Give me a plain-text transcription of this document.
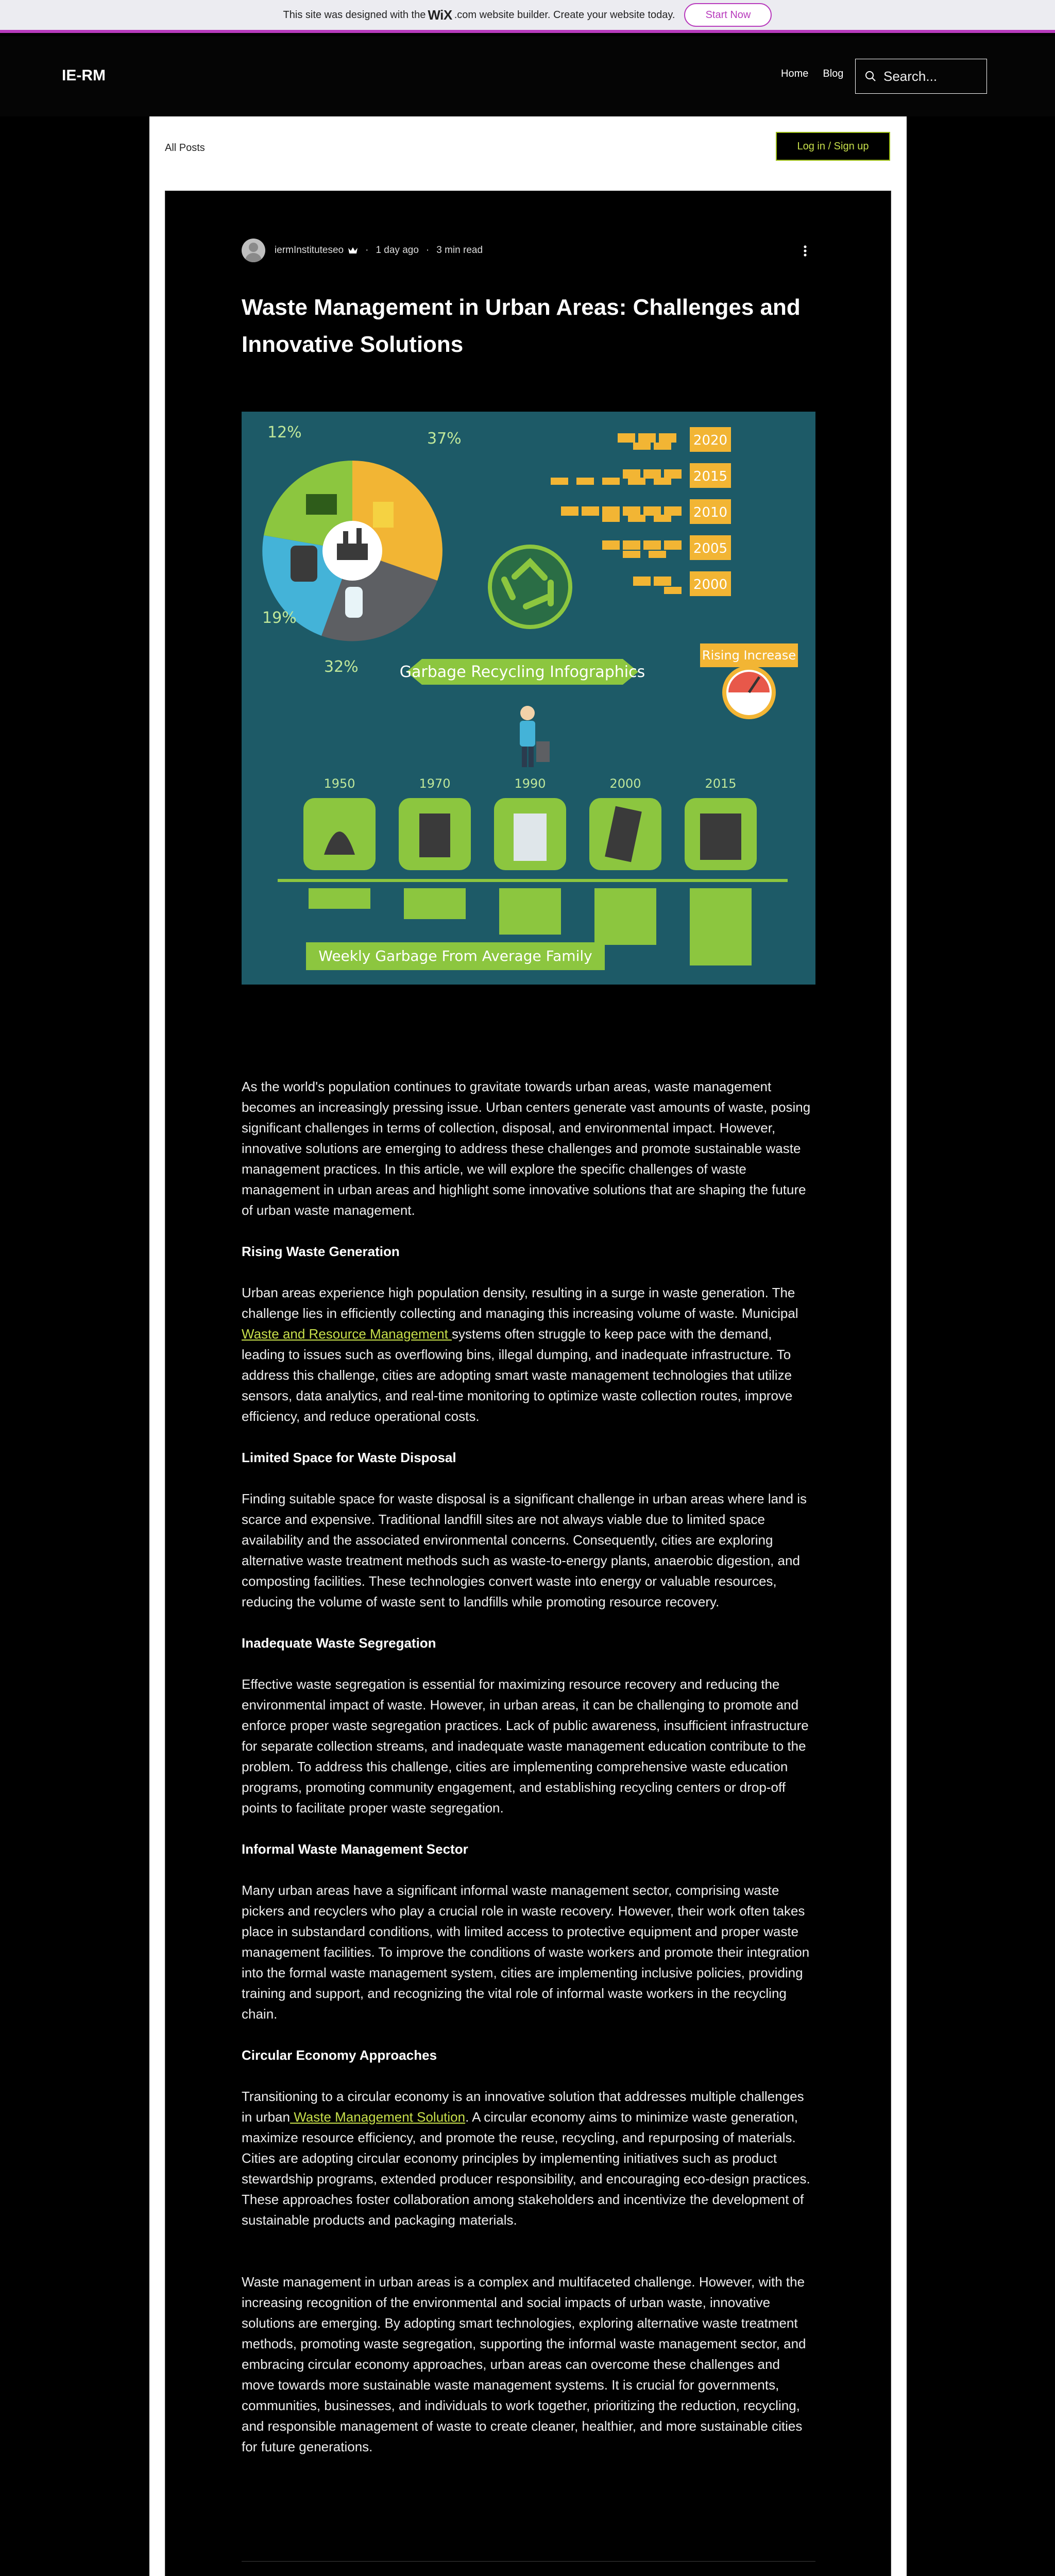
This site was designed with the WiX .com website builder. Create your website today.	Start Now
IE-RM	Home Blog	Search...
All Posts	Log in / Sign up
iermInstituteseo · 1 day ago · 3 min read
Waste Management in Urban Areas: Challenges and Innovative Solutions
12%	37%
19%
32%
2020
2015
2010
2005
2000
Rising Increase
Garbage Recycling Infographics
1950	1970	1990	2000	2015
Weekly Garbage From Average Family

As the world's population continues to gravitate towards urban areas, waste management becomes an increasingly pressing issue. Urban centers generate vast amounts of waste, posing significant challenges in terms of collection, disposal, and environmental impact. However, innovative solutions are emerging to address these challenges and promote sustainable waste management practices. In this article, we will explore the specific challenges of waste management in urban areas and highlight some innovative solutions that are shaping the future of urban waste management.

Rising Waste Generation

Urban areas experience high population density, resulting in a surge in waste generation. The challenge lies in efficiently collecting and managing this increasing volume of waste. Municipal Waste and Resource Management systems often struggle to keep pace with the demand, leading to issues such as overflowing bins, illegal dumping, and inadequate infrastructure. To address this challenge, cities are adopting smart waste management technologies that utilize sensors, data analytics, and real-time monitoring to optimize waste collection routes, improve efficiency, and reduce operational costs.

Limited Space for Waste Disposal

Finding suitable space for waste disposal is a significant challenge in urban areas where land is scarce and expensive. Traditional landfill sites are not always viable due to limited space availability and the associated environmental concerns. Consequently, cities are exploring alternative waste treatment methods such as waste-to-energy plants, anaerobic digestion, and composting facilities. These technologies convert waste into energy or valuable resources, reducing the volume of waste sent to landfills while promoting resource recovery.

Inadequate Waste Segregation

Effective waste segregation is essential for maximizing resource recovery and reducing the environmental impact of waste. However, in urban areas, it can be challenging to promote and enforce proper waste segregation practices. Lack of public awareness, insufficient infrastructure for separate collection streams, and inadequate waste management education contribute to the problem. To address this challenge, cities are implementing comprehensive waste education programs, promoting community engagement, and establishing recycling centers or drop-off points to facilitate proper waste segregation.

Informal Waste Management Sector

Many urban areas have a significant informal waste management sector, comprising waste pickers and recyclers who play a crucial role in waste recovery. However, their work often takes place in substandard conditions, with limited access to protective equipment and proper waste management facilities. To improve the conditions of waste workers and promote their integration into the formal waste management system, cities are implementing inclusive policies, providing training and support, and recognizing the vital role of informal waste workers in the recycling chain.

Circular Economy Approaches

Transitioning to a circular economy is an innovative solution that addresses multiple challenges in urban Waste Management Solution. A circular economy aims to minimize waste generation, maximize resource efficiency, and promote the reuse, recycling, and repurposing of materials. Cities are adopting circular economy principles by implementing initiatives such as product stewardship programs, extended producer responsibility, and encouraging eco-design practices. These approaches foster collaboration among stakeholders and incentivize the development of sustainable products and packaging materials.

Waste management in urban areas is a complex and multifaceted challenge. However, with the increasing recognition of the environmental and social impacts of urban waste, innovative solutions are emerging. By adopting smart technologies, exploring alternative waste treatment methods, promoting waste segregation, supporting the informal waste management sector, and embracing circular economy approaches, urban areas can overcome these challenges and move towards more sustainable waste management systems. It is crucial for governments, communities, businesses, and individuals to work together, prioritizing the reduction, recycling, and responsible management of waste to create cleaner, healthier, and more sustainable cities for future generations.
